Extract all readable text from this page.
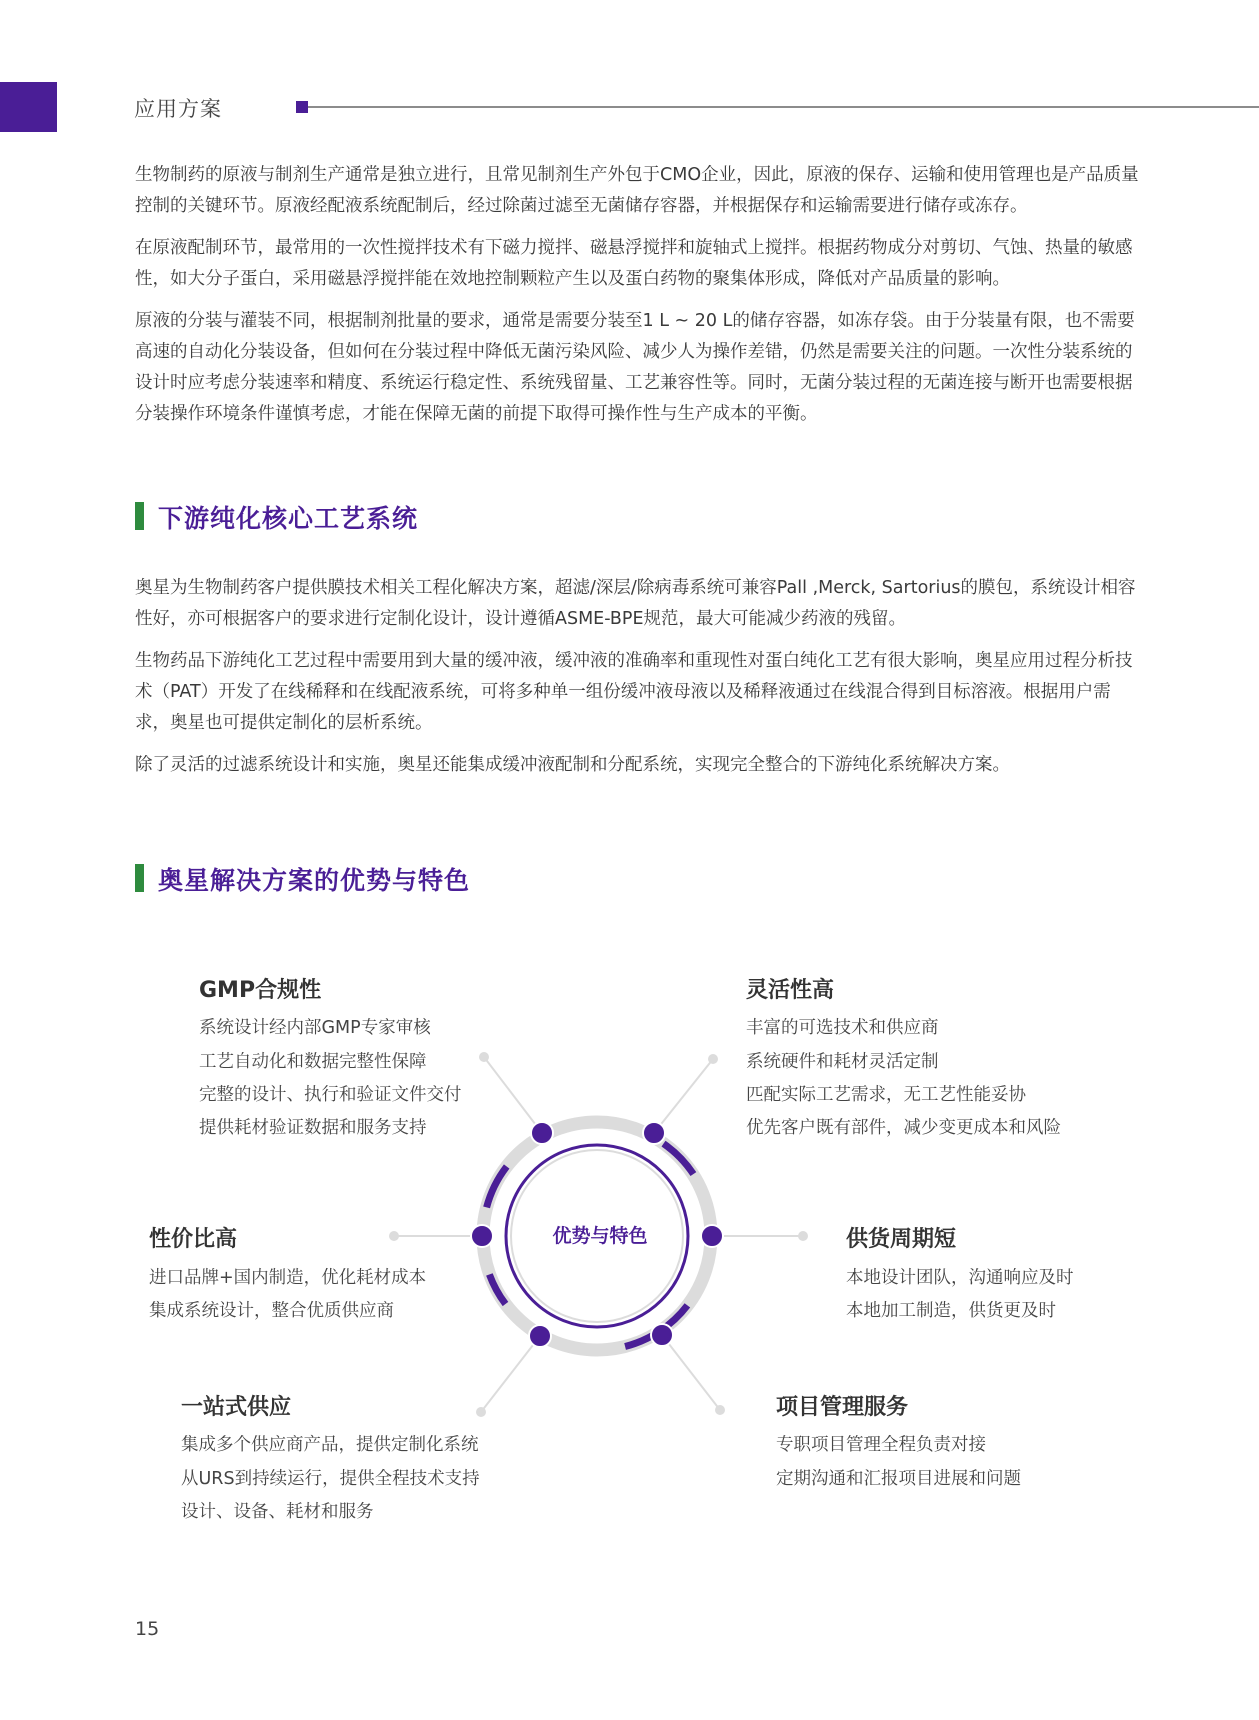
应用方案

生物制药的原液与制剂生产通常是独立进行，且常见制剂生产外包于CMO企业，因此，原液的保存、运输和使用管理也是产品质量控制的关键环节。原液经配液系统配制后，经过除菌过滤至无菌储存容器，并根据保存和运输需要进行储存或冻存。

在原液配制环节，最常用的一次性搅拌技术有下磁力搅拌、磁悬浮搅拌和旋轴式上搅拌。根据药物成分对剪切、气蚀、热量的敏感性，如大分子蛋白，采用磁悬浮搅拌能在效地控制颗粒产生以及蛋白药物的聚集体形成，降低对产品质量的影响。

原液的分装与灌装不同，根据制剂批量的要求，通常是需要分装至1 L ~ 20 L的储存容器，如冻存袋。由于分装量有限，也不需要高速的自动化分装设备，但如何在分装过程中降低无菌污染风险、减少人为操作差错，仍然是需要关注的问题。一次性分装系统的设计时应考虑分装速率和精度、系统运行稳定性、系统残留量、工艺兼容性等。同时，无菌分装过程的无菌连接与断开也需要根据分装操作环境条件谨慎考虑，才能在保障无菌的前提下取得可操作性与生产成本的平衡。

下游纯化核心工艺系统

奥星为生物制药客户提供膜技术相关工程化解决方案，超滤/深层/除病毒系统可兼容Pall ,Merck, Sartorius的膜包，系统设计相容性好，亦可根据客户的要求进行定制化设计，设计遵循ASME-BPE规范，最大可能减少药液的残留。

生物药品下游纯化工艺过程中需要用到大量的缓冲液，缓冲液的准确率和重现性对蛋白纯化工艺有很大影响，奥星应用过程分析技术（PAT）开发了在线稀释和在线配液系统，可将多种单一组份缓冲液母液以及稀释液通过在线混合得到目标溶液。根据用户需求，奥星也可提供定制化的层析系统。

除了灵活的过滤系统设计和实施，奥星还能集成缓冲液配制和分配系统，实现完全整合的下游纯化系统解决方案。

奥星解决方案的优势与特色
优势与特色
GMP合规性
系统设计经内部GMP专家审核
工艺自动化和数据完整性保障
完整的设计、执行和验证文件交付
提供耗材验证数据和服务支持
灵活性高
丰富的可选技术和供应商
系统硬件和耗材灵活定制
匹配实际工艺需求，无工艺性能妥协
优先客户既有部件，减少变更成本和风险
性价比高
进口品牌+国内制造，优化耗材成本
集成系统设计，整合优质供应商
供货周期短
本地设计团队，沟通响应及时
本地加工制造，供货更及时
一站式供应
集成多个供应商产品，提供定制化系统
从URS到持续运行，提供全程技术支持
设计、设备、耗材和服务
项目管理服务
专职项目管理全程负责对接
定期沟通和汇报项目进展和问题
15
